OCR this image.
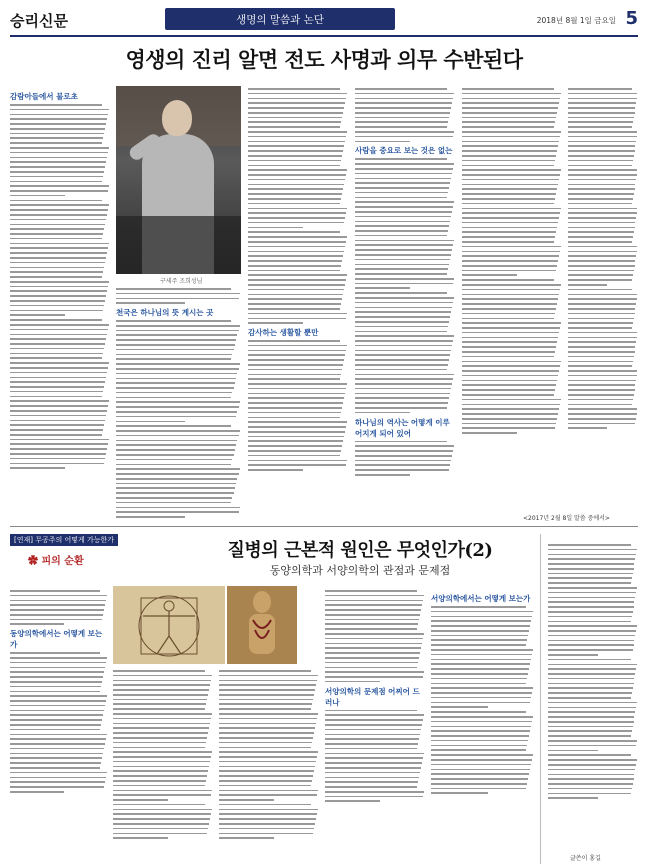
승리신문	생명의 말씀과 논단	2018년 8월 1일 금요일 5
영생의 진리 알면 전도 사명과 의무 수반된다
감람아들에서 불로초
천국은 하나님의 뜻 계시는 곳
감사하는 생활할 뿐만
사람을 중요로 보는 것은 없는
하나님의 역사는 어떻게 이루어지게 되어 있어
구세주 조희성님
<2017년 2월 8일 말씀 중에서>
[연재] 무공주의 어떻게 가능한가
✿ 피의 순환
질병의 근본적 원인은 무엇인가(2)
동양의학과 서양의학의 관점과 문제점
동양의학에서는 어떻게 보는가
서양의학의 문제점 어찌어 드러나
서양의학에서는 어떻게 보는가
글쓴이 홍길
